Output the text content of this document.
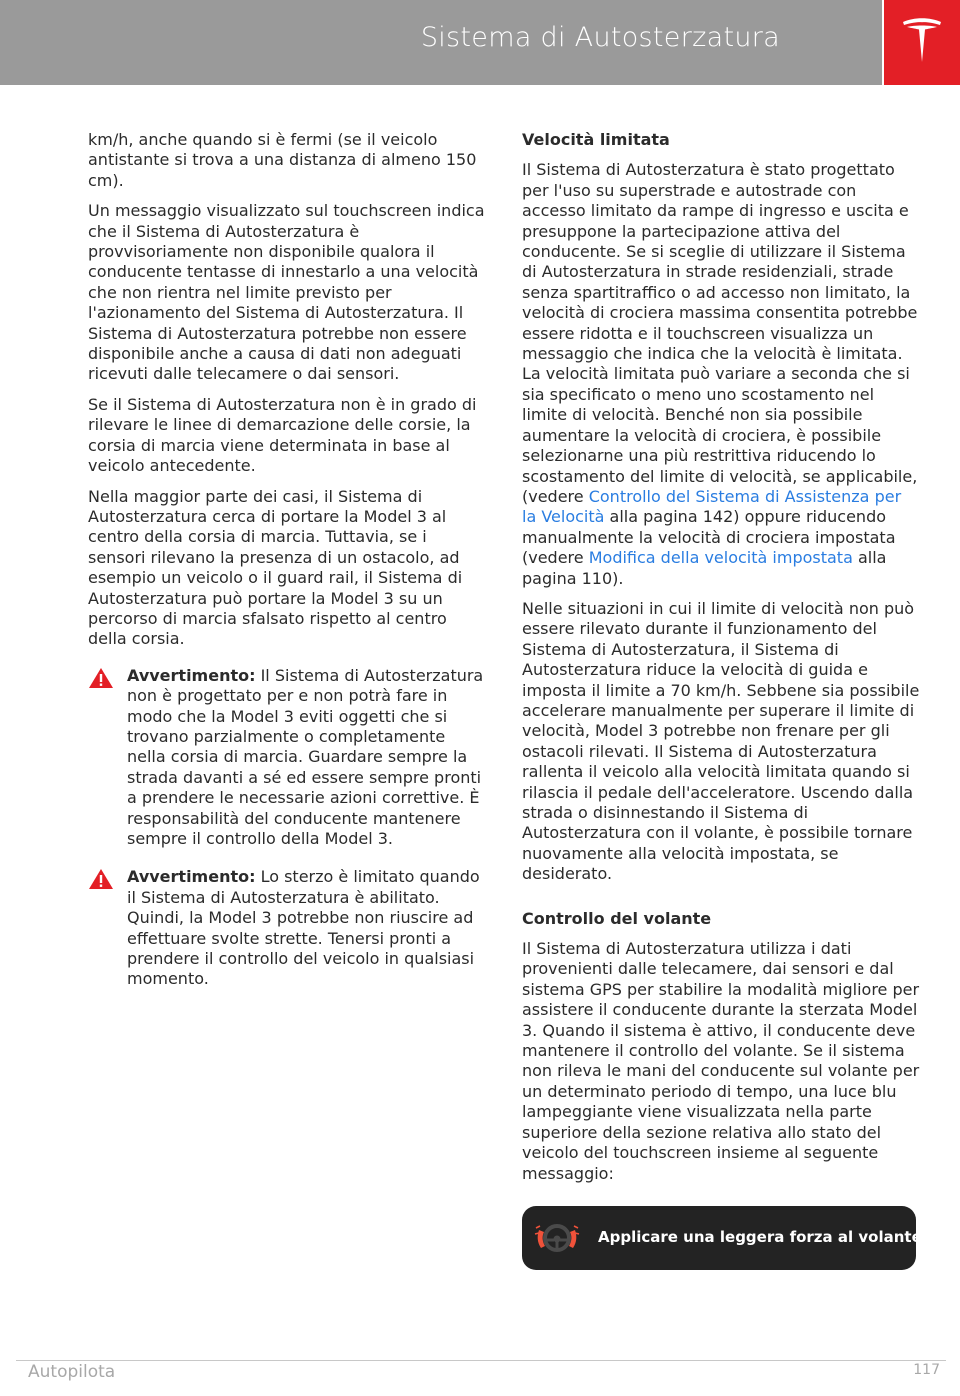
Sistema di Autosterzatura

km/h, anche quando si è fermi (se il veicolo antistante si trova a una distanza di almeno 150 cm).

Un messaggio visualizzato sul touchscreen indica che il Sistema di Autosterzatura è provvisoriamente non disponibile qualora il conducente tentasse di innestarlo a una velocità che non rientra nel limite previsto per l'azionamento del Sistema di Autosterzatura. Il Sistema di Autosterzatura potrebbe non essere disponibile anche a causa di dati non adeguati ricevuti dalle telecamere o dai sensori.

Se il Sistema di Autosterzatura non è in grado di rilevare le linee di demarcazione delle corsie, la corsia di marcia viene determinata in base al veicolo antecedente.

Nella maggior parte dei casi, il Sistema di Autosterzatura cerca di portare la Model 3 al centro della corsia di marcia. Tuttavia, se i sensori rilevano la presenza di un ostacolo, ad esempio un veicolo o il guard rail, il Sistema di Autosterzatura può portare la Model 3 su un percorso di marcia sfalsato rispetto al centro della corsia.

Avvertimento: Il Sistema di Autosterzatura non è progettato per e non potrà fare in modo che la Model 3 eviti oggetti che si trovano parzialmente o completamente nella corsia di marcia. Guardare sempre la strada davanti a sé ed essere sempre pronti a prendere le necessarie azioni correttive. È responsabilità del conducente mantenere sempre il controllo della Model 3.
Avvertimento: Lo sterzo è limitato quando il Sistema di Autosterzatura è abilitato. Quindi, la Model 3 potrebbe non riuscire ad effettuare svolte strette. Tenersi pronti a prendere il controllo del veicolo in qualsiasi momento.
Velocità limitata

Il Sistema di Autosterzatura è stato progettato per l'uso su superstrade e autostrade con accesso limitato da rampe di ingresso e uscita e presuppone la partecipazione attiva del conducente. Se si sceglie di utilizzare il Sistema di Autosterzatura in strade residenziali, strade senza spartitraffico o ad accesso non limitato, la velocità di crociera massima consentita potrebbe essere ridotta e il touchscreen visualizza un messaggio che indica che la velocità è limitata. La velocità limitata può variare a seconda che si sia specificato o meno uno scostamento nel limite di velocità. Benché non sia possibile aumentare la velocità di crociera, è possibile selezionarne una più restrittiva riducendo lo scostamento del limite di velocità, se applicabile, (vedere Controllo del Sistema di Assistenza per la Velocità alla pagina 142) oppure riducendo manualmente la velocità di crociera impostata (vedere Modifica della velocità impostata alla pagina 110).

Nelle situazioni in cui il limite di velocità non può essere rilevato durante il funzionamento del Sistema di Autosterzatura, il Sistema di Autosterzatura riduce la velocità di guida e imposta il limite a 70 km/h. Sebbene sia possibile accelerare manualmente per superare il limite di velocità, Model 3 potrebbe non frenare per gli ostacoli rilevati. Il Sistema di Autosterzatura rallenta il veicolo alla velocità limitata quando si rilascia il pedale dell'acceleratore. Uscendo dalla strada o disinnestando il Sistema di Autosterzatura con il volante, è possibile tornare nuovamente alla velocità impostata, se desiderato.

Controllo del volante

Il Sistema di Autosterzatura utilizza i dati provenienti dalle telecamere, dai sensori e dal sistema GPS per stabilire la modalità migliore per assistere il conducente durante la sterzata Model 3. Quando il sistema è attivo, il conducente deve mantenere il controllo del volante. Se il sistema non rileva le mani del conducente sul volante per un determinato periodo di tempo, una luce blu lampeggiante viene visualizzata nella parte superiore della sezione relativa allo stato del veicolo del touchscreen insieme al seguente messaggio:

Applicare una leggera forza al volante
Autopilota	117
